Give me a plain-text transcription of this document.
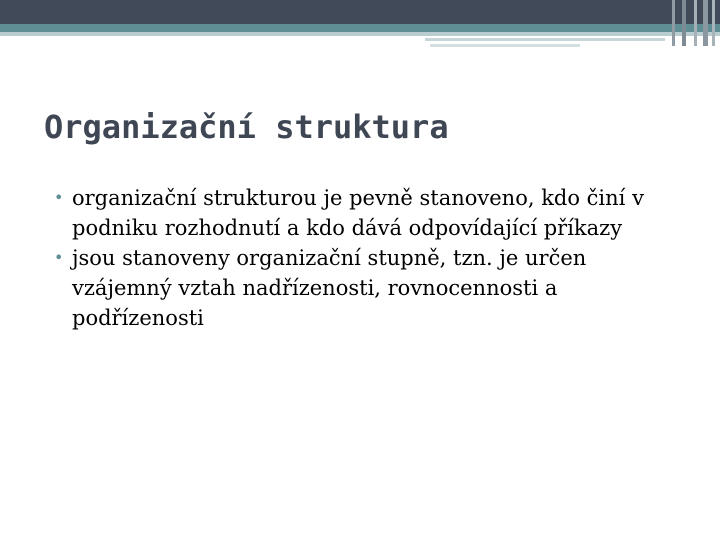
Organizační struktura
• organizační strukturou je pevně stanoveno, kdo činí v podniku rozhodnutí a kdo dává odpovídající příkazy
• jsou stanoveny organizační stupně, tzn. je určen vzájemný vztah nadřízenosti, rovnocennosti a podřízenosti
